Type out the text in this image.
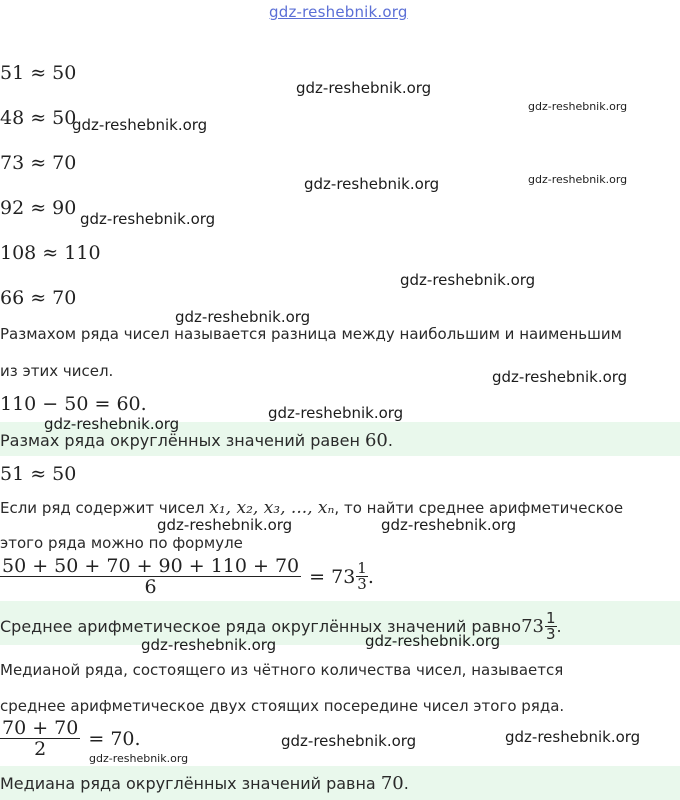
gdz-reshebnik.org
51 ≈ 50
48 ≈ 50
73 ≈ 70
92 ≈ 90
108 ≈ 110
66 ≈ 70
Размахом ряда чисел называется разница между наибольшим и наименьшим
из этих чисел.
110 − 50 = 60.
Размах ряда округлённых значений равен 60.
51 ≈ 50
Если ряд содержит чисел x₁, x₂, x₃, ..., xₙ, то найти среднее арифметическое
этого ряда можно по формуле
$\frac{50 + 50 + 70 + 90 + 110 + 70}{6} = 73 \frac{1}{3}$ .
Среднее арифметическое ряда округлённых значений равно $73 \frac{1}{3}$ .
Медианой ряда, состоящего из чётного количества чисел, называется
среднее арифметическое двух стоящих посередине чисел этого ряда.
$\frac{70 + 70}{2} = 70$.
Медиана ряда округлённых значений равна 70.
gdz-reshebnik.org
gdz-reshebnik.org
gdz-reshebnik.org
gdz-reshebnik.org
gdz-reshebnik.org
gdz-reshebnik.org
gdz-reshebnik.org
gdz-reshebnik.org
gdz-reshebnik.org
gdz-reshebnik.org
gdz-reshebnik.org
gdz-reshebnik.org	gdz-reshebnik.org
gdz-reshebnik.org	gdz-reshebnik.org
gdz-reshebnik.org
gdz-reshebnik.org	gdz-reshebnik.org
